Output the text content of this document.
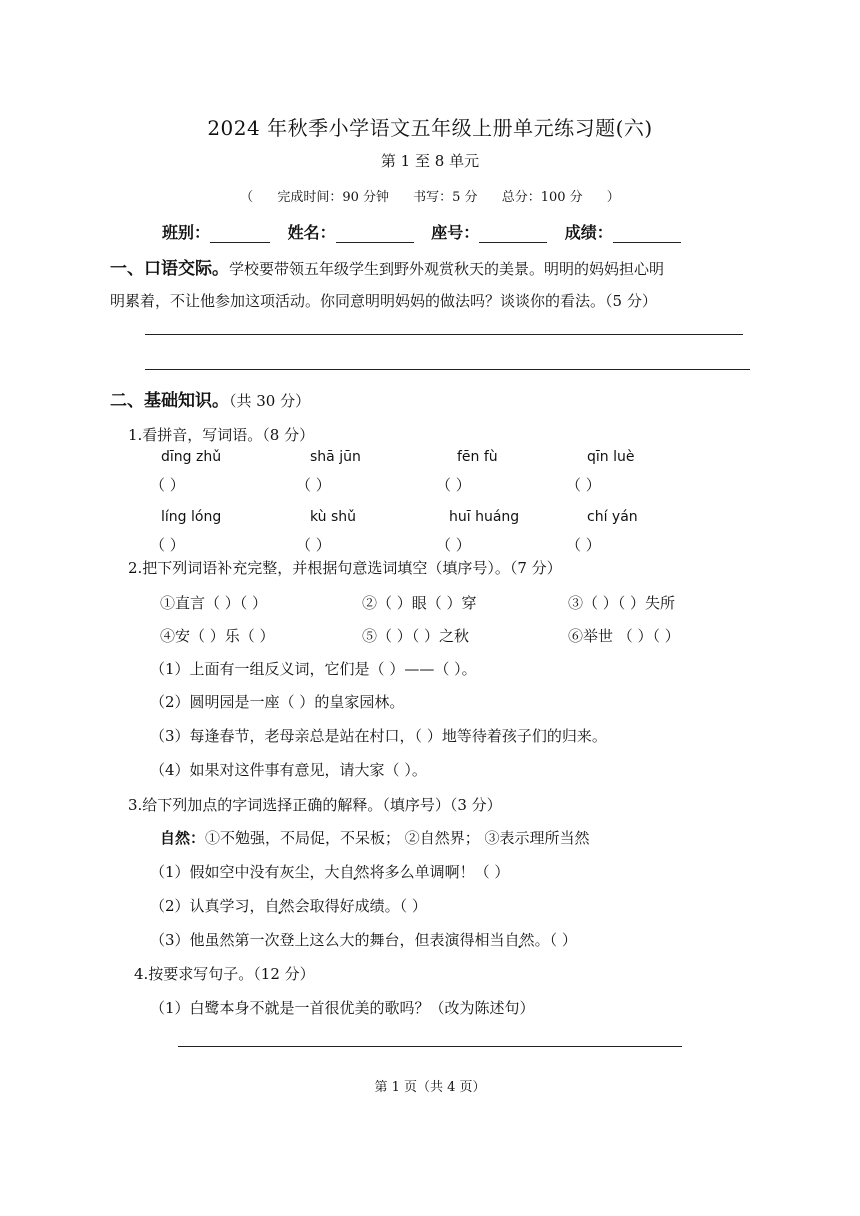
2024 年秋季小学语文五年级上册单元练习题(六)
第 1 至 8 单元
（ 完成时间：90 分钟 书写：5 分 总分：100 分 ）
班别：	姓名：	座号：	成绩：
一、口语交际。学校要带领五年级学生到野外观赏秋天的美景。明明的妈妈担心明
明累着，不让他参加这项活动。你同意明明妈妈的做法吗？谈谈你的看法。（5 分）
二、基础知识。（共 30 分）
1.看拼音，写词语。（8 分）
dīng zhǔ	shā jūn	fēn fù	qīn luè
（ ）	（ ）	（ ）	（ ）
líng lóng	kù shǔ	huī huáng	chí yán
（ ）	（ ）	（ ）	（ ）
2.把下列词语补充完整，并根据句意选词填空（填序号）。（7 分）
①直言（ ）（ ）	②（ ）眼（ ）穿	③（ ）（ ）失所
④安（ ）乐（ ）	⑤（ ）（ ）之秋	⑥举世 （ ）（ ）
（1）上面有一组反义词，它们是（ ）——（ ）。
（2）圆明园是一座（ ）的皇家园林。
（3）每逢春节，老母亲总是站在村口，（ ）地等待着孩子们的归来。
（4）如果对这件事有意见，请大家（ ）。
3.给下列加点的字词选择正确的解释。（填序号）（3 分）
自然：①不勉强，不局促，不呆板； ②自然界； ③表示理所当然
（1）假如空中没有灰尘，大自然将多么单调啊！（ ）
（2）认真学习，自然会取得好成绩。（ ）
（3）他虽然第一次登上这么大的舞台，但表演得相当自然。（ ）
4.按要求写句子。（12 分）
（1）白鹭本身不就是一首很优美的歌吗？（改为陈述句）
第 1 页（共 4 页）
